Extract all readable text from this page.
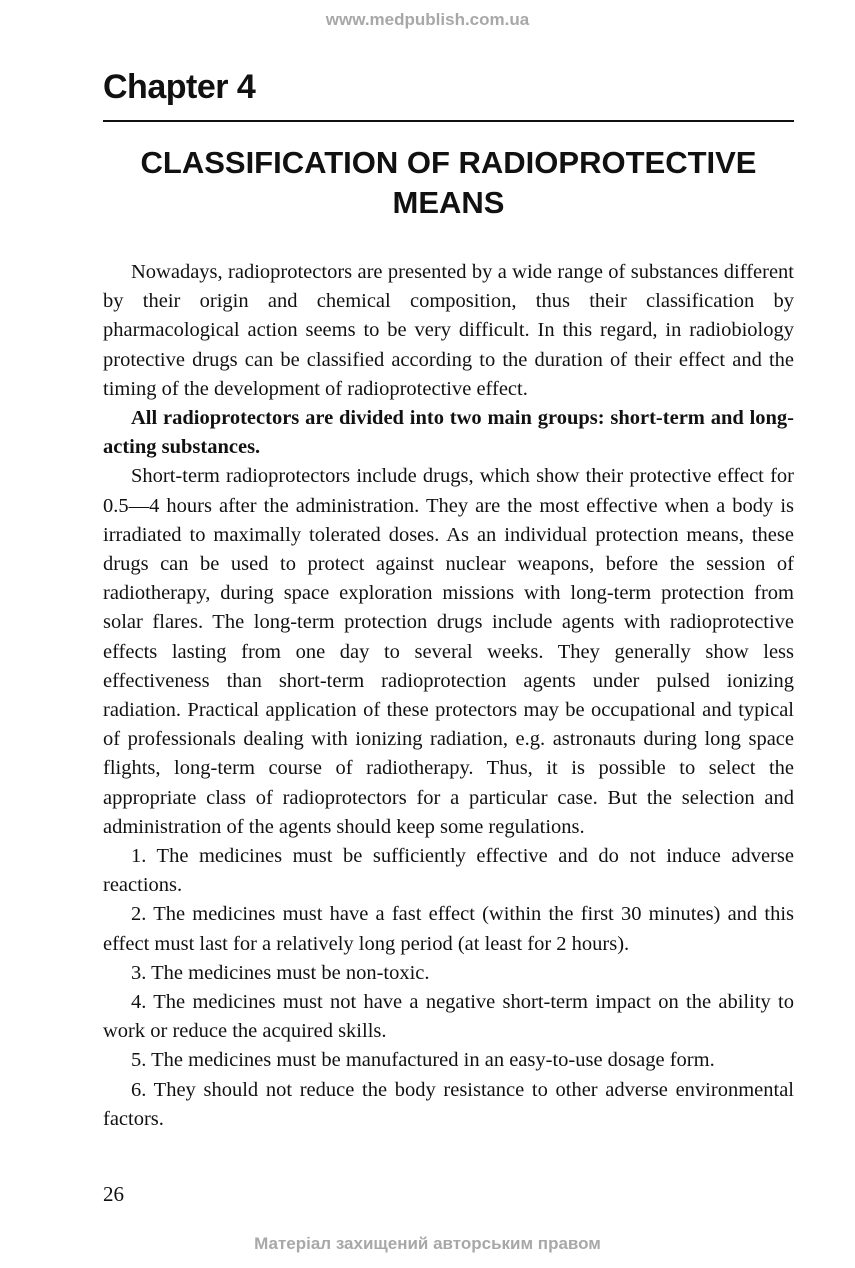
www.medpublish.com.ua
Chapter 4
CLASSIFICATION OF RADIOPROTECTIVE MEANS

Nowadays, radioprotectors are presented by a wide range of substances different by their origin and chemical composition, thus their classification by pharmacological action seems to be very difficult. In this regard, in radiobiology protective drugs can be classified according to the duration of their effect and the timing of the development of radioprotective effect.

All radioprotectors are divided into two main groups: short-term and long-acting substances.

Short-term radioprotectors include drugs, which show their protective effect for 0.5—4 hours after the administration. They are the most effective when a body is irradiated to maximally tolerated doses. As an individual protection means, these drugs can be used to protect against nuclear weapons, before the session of radiotherapy, during space exploration missions with long-term protection from solar flares. The long-term protection drugs include agents with radioprotective effects lasting from one day to several weeks. They generally show less effectiveness than short-term radioprotection agents under pulsed ionizing radiation. Practical application of these protectors may be occupational and typical of professionals dealing with ionizing radiation, e.g. astronauts during long space flights, long-term course of radiotherapy. Thus, it is possible to select the appropriate class of radioprotectors for a particular case. But the selection and administration of the agents should keep some regulations.

1. The medicines must be sufficiently effective and do not induce adverse reactions.

2. The medicines must have a fast effect (within the first 30 minutes) and this effect must last for a relatively long period (at least for 2 hours).

3. The medicines must be non-toxic.

4. The medicines must not have a negative short-term impact on the ability to work or reduce the acquired skills.

5. The medicines must be manufactured in an easy-to-use dosage form.

6. They should not reduce the body resistance to other adverse environmental factors.

26
Матеріал захищений авторським правом
